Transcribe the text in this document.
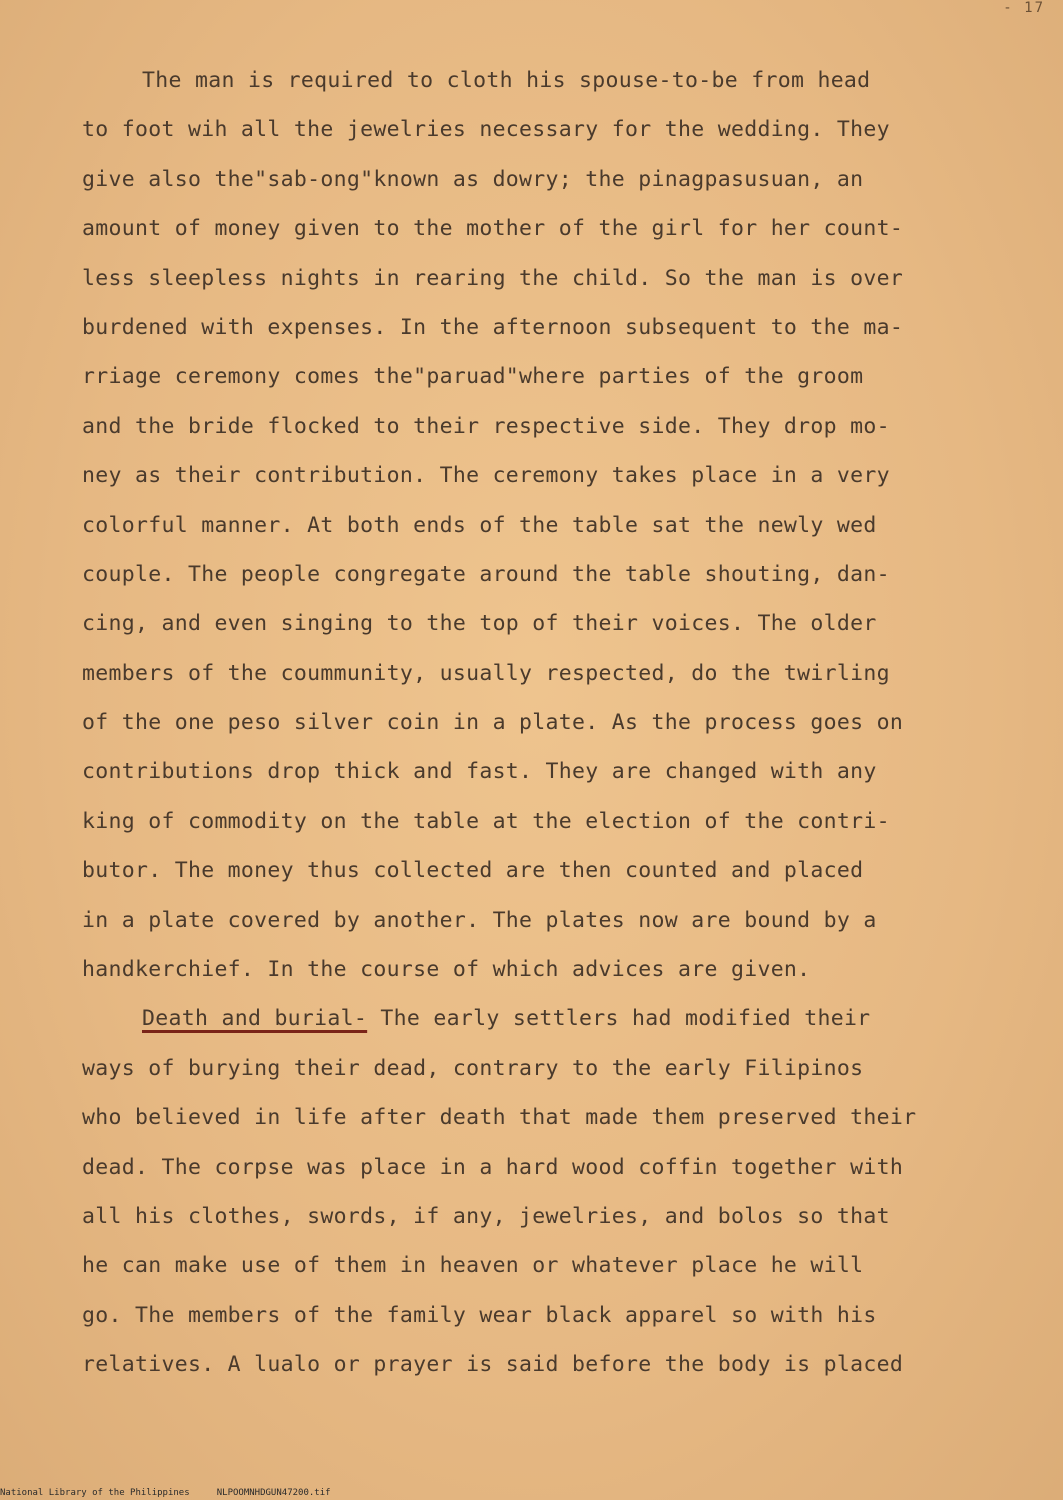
- 17
The man is required to cloth his spouse-to-be from head
to foot wih all the jewelries necessary for the wedding. They
give also the"sab-ong"known as dowry; the pinagpasusuan, an
amount of money given to the mother of the girl for her count-
less sleepless nights in rearing the child. So the man is over
burdened with expenses. In the afternoon subsequent to the ma-
rriage ceremony comes the"paruad"where parties of the groom
and the bride flocked to their respective side. They drop mo-
ney as their contribution. The ceremony takes place in a very
colorful manner. At both ends of the table sat the newly wed
couple. The people congregate around the table shouting, dan-
cing, and even singing to the top of their voices. The older
members of the coummunity, usually respected, do the twirling
of the one peso silver coin in a plate. As the process goes on
contributions drop thick and fast. They are changed with any
king of commodity on the table at the election of the contri-
butor. The money thus collected are then counted and placed
in a plate covered by another. The plates now are bound by a
handkerchief. In the course of which advices are given.
Death and burial- The early settlers had modified their
ways of burying their dead, contrary to the early Filipinos
who believed in life after death that made them preserved their
dead. The corpse was place in a hard wood coffin together with
all his clothes, swords, if any, jewelries, and bolos so that
he can make use of them in heaven or whatever place he will
go. The members of the family wear black apparel so with his
relatives. A lualo or prayer is said before the body is placed
National Library of the Philippines	NLPOOMNHDGUN47200.tif
